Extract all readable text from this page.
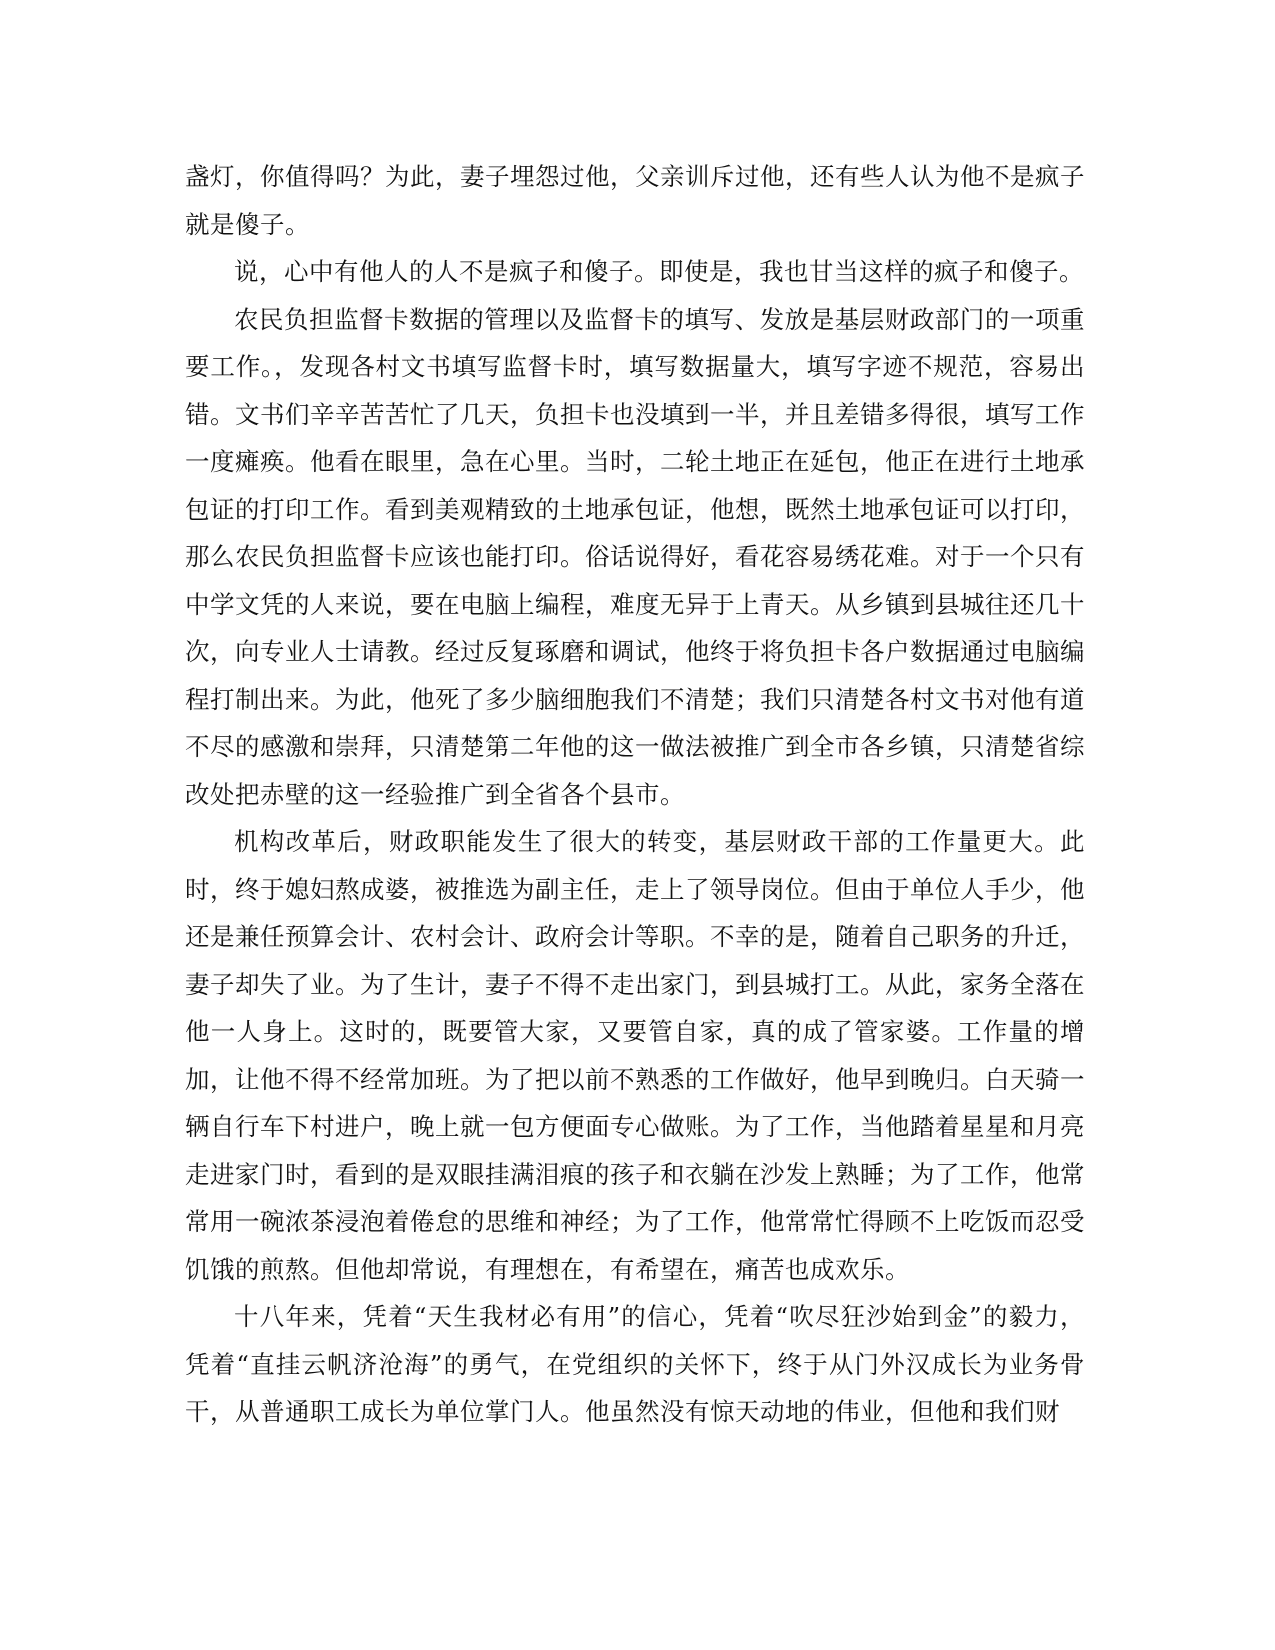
盏灯，你值得吗？为此，妻子埋怨过他，父亲训斥过他，还有些人认为他不是疯子就是傻子。

说，心中有他人的人不是疯子和傻子。即使是，我也甘当这样的疯子和傻子。

农民负担监督卡数据的管理以及监督卡的填写、发放是基层财政部门的一项重要工作。，发现各村文书填写监督卡时，填写数据量大，填写字迹不规范，容易出错。文书们辛辛苦苦忙了几天，负担卡也没填到一半，并且差错多得很，填写工作一度瘫痪。他看在眼里，急在心里。当时，二轮土地正在延包，他正在进行土地承包证的打印工作。看到美观精致的土地承包证，他想，既然土地承包证可以打印，那么农民负担监督卡应该也能打印。俗话说得好，看花容易绣花难。对于一个只有中学文凭的人来说，要在电脑上编程，难度无异于上青天。从乡镇到县城往还几十次，向专业人士请教。经过反复琢磨和调试，他终于将负担卡各户数据通过电脑编程打制出来。为此，他死了多少脑细胞我们不清楚；我们只清楚各村文书对他有道不尽的感激和崇拜，只清楚第二年他的这一做法被推广到全市各乡镇，只清楚省综改处把赤壁的这一经验推广到全省各个县市。

机构改革后，财政职能发生了很大的转变，基层财政干部的工作量更大。此时，终于媳妇熬成婆，被推选为副主任，走上了领导岗位。但由于单位人手少，他还是兼任预算会计、农村会计、政府会计等职。不幸的是，随着自己职务的升迁，妻子却失了业。为了生计，妻子不得不走出家门，到县城打工。从此，家务全落在他一人身上。这时的，既要管大家，又要管自家，真的成了管家婆。工作量的增加，让他不得不经常加班。为了把以前不熟悉的工作做好，他早到晚归。白天骑一辆自行车下村进户，晚上就一包方便面专心做账。为了工作，当他踏着星星和月亮走进家门时，看到的是双眼挂满泪痕的孩子和衣躺在沙发上熟睡；为了工作，他常常用一碗浓茶浸泡着倦怠的思维和神经；为了工作，他常常忙得顾不上吃饭而忍受饥饿的煎熬。但他却常说，有理想在，有希望在，痛苦也成欢乐。

十八年来，凭着“天生我材必有用”的信心，凭着“吹尽狂沙始到金”的毅力，凭着“直挂云帆济沧海”的勇气，在党组织的关怀下，终于从门外汉成长为业务骨干，从普通职工成长为单位掌门人。他虽然没有惊天动地的伟业，但他和我们财
